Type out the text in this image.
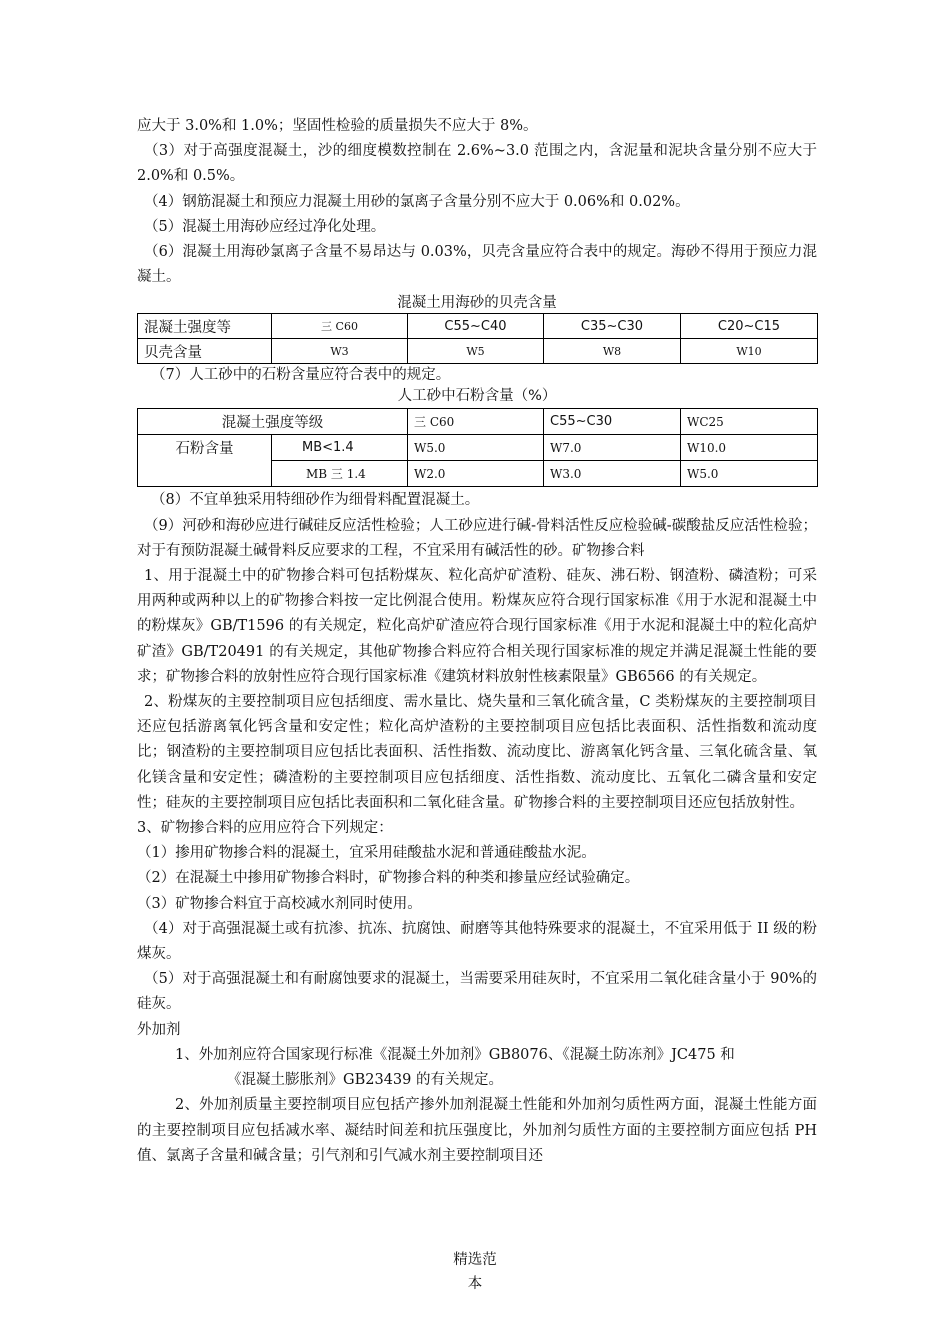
应大于 3.0%和 1.0%；坚固性检验的质量损失不应大于 8%。

（3）对于高强度混凝土，沙的细度模数控制在 2.6%~3.0 范围之内，含泥量和泥块含量分别不应大于 2.0%和 0.5%。

（4）钢筋混凝土和预应力混凝土用砂的氯离子含量分别不应大于 0.06%和 0.02%。

（5）混凝土用海砂应经过净化处理。

（6）混凝土用海砂氯离子含量不易昂达与 0.03%，贝壳含量应符合表中的规定。海砂不得用于预应力混凝土。

混凝土用海砂的贝壳含量
混凝土强度等	三 C60	C55~C40	C35~C30	C20~C15
贝壳含量	W3	W5	W8	W10

（7）人工砂中的石粉含量应符合表中的规定。

人工砂中石粉含量（%）
混凝土强度等级		三 C60	C55~C30	WC25
石粉含量	MB<1.4	W5.0	W7.0	W10.0
	MB 三 1.4	W2.0	W3.0	W5.0

（8）不宜单独采用特细砂作为细骨料配置混凝土。

（9）河砂和海砂应进行碱硅反应活性检验；人工砂应进行碱-骨料活性反应检验碱-碳酸盐反应活性检验；对于有预防混凝土碱骨料反应要求的工程，不宜采用有碱活性的砂。矿物掺合料

1、用于混凝土中的矿物掺合料可包括粉煤灰、粒化高炉矿渣粉、硅灰、沸石粉、钢渣粉、磷渣粉；可采用两种或两种以上的矿物掺合料按一定比例混合使用。粉煤灰应符合现行国家标准《用于水泥和混凝土中的粉煤灰》GB/T1596 的有关规定，粒化高炉矿渣应符合现行国家标准《用于水泥和混凝土中的粒化高炉矿渣》GB/T20491 的有关规定，其他矿物掺合料应符合相关现行国家标准的规定并满足混凝土性能的要求；矿物掺合料的放射性应符合现行国家标准《建筑材料放射性核素限量》GB6566 的有关规定。

2、粉煤灰的主要控制项目应包括细度、需水量比、烧失量和三氧化硫含量，C 类粉煤灰的主要控制项目还应包括游离氧化钙含量和安定性；粒化高炉渣粉的主要控制项目应包括比表面积、活性指数和流动度比；钢渣粉的主要控制项目应包括比表面积、活性指数、流动度比、游离氧化钙含量、三氧化硫含量、氧化镁含量和安定性；磷渣粉的主要控制项目应包括细度、活性指数、流动度比、五氧化二磷含量和安定性；硅灰的主要控制项目应包括比表面积和二氧化硅含量。矿物掺合料的主要控制项目还应包括放射性。

3、矿物掺合料的应用应符合下列规定：

（1）掺用矿物掺合料的混凝土，宜采用硅酸盐水泥和普通硅酸盐水泥。

（2）在混凝土中掺用矿物掺合料时，矿物掺合料的种类和掺量应经试验确定。

（3）矿物掺合料宜于高校减水剂同时使用。

（4）对于高强混凝土或有抗渗、抗冻、抗腐蚀、耐磨等其他特殊要求的混凝土，不宜采用低于 II 级的粉煤灰。

（5）对于高强混凝土和有耐腐蚀要求的混凝土，当需要采用硅灰时，不宜采用二氧化硅含量小于 90%的硅灰。

外加剂

1、外加剂应符合国家现行标准《混凝土外加剂》GB8076、《混凝土防冻剂》JC475 和

《混凝土膨胀剂》GB23439 的有关规定。

2、外加剂质量主要控制项目应包括产掺外加剂混凝土性能和外加剂匀质性两方面，混凝土性能方面的主要控制项目应包括减水率、凝结时间差和抗压强度比，外加剂匀质性方面的主要控制方面应包括 PH 值、氯离子含量和碱含量；引气剂和引气减水剂主要控制项目还

精选范
本
